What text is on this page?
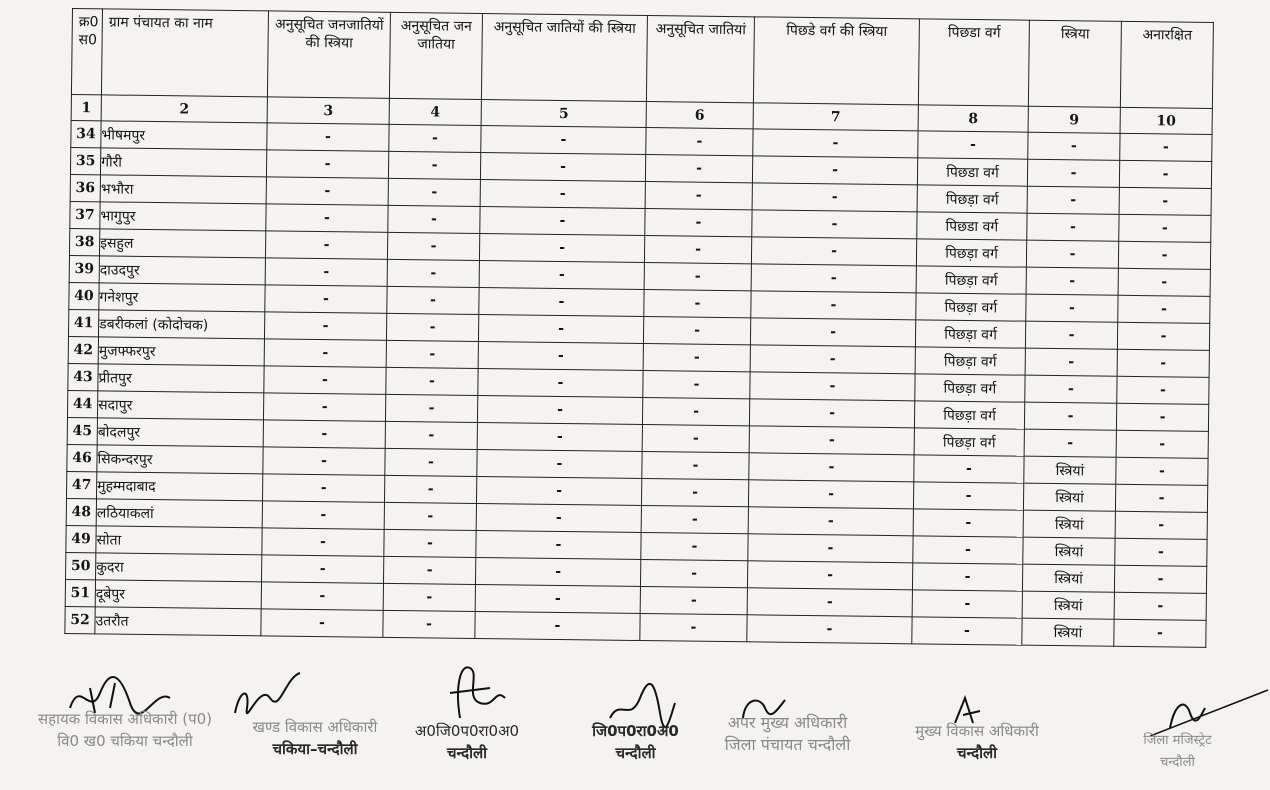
क्र0 स0	ग्राम पंचायत का नाम	अनुसूचित जनजातियों की स्त्रिया	अनुसूचित जन जातिया	अनुसूचित जातियों की स्त्रिया	अनुसूचित जातियां	पिछडे वर्ग की स्त्रिया	पिछडा वर्ग	स्त्रिया	अनारक्षित
1	2	3	4	5	6	7	8	9	10
34	भीषमपुर	-	-	-	-	-	-	-	-
35	गौरी	-	-	-	-	-	पिछडा वर्ग	-	-
36	भभौरा	-	-	-	-	-	पिछड़ा वर्ग	-	-
37	भागुपुर	-	-	-	-	-	पिछडा वर्ग	-	-
38	इसहुल	-	-	-	-	-	पिछड़ा वर्ग	-	-
39	दाउदपुर	-	-	-	-	-	पिछड़ा वर्ग	-	-
40	गनेशपुर	-	-	-	-	-	पिछड़ा वर्ग	-	-
41	डबरीकलां (कोदोचक)	-	-	-	-	-	पिछड़ा वर्ग	-	-
42	मुजफ्फरपुर	-	-	-	-	-	पिछड़ा वर्ग	-	-
43	प्रीतपुर	-	-	-	-	-	पिछड़ा वर्ग	-	-
44	सदापुर	-	-	-	-	-	पिछड़ा वर्ग	-	-
45	बोदलपुर	-	-	-	-	-	पिछड़ा वर्ग	-	-
46	सिकन्दरपुर	-	-	-	-	-	-	स्त्रियां	-
47	मुहम्मदाबाद	-	-	-	-	-	-	स्त्रियां	-
48	लठियाकलां	-	-	-	-	-	-	स्त्रियां	-
49	सोता	-	-	-	-	-	-	स्त्रियां	-
50	कुदरा	-	-	-	-	-	-	स्त्रियां	-
51	दूबेपुर	-	-	-	-	-	-	स्त्रियां	-
52	उतरौत	-	-	-	-	-	-	स्त्रियां	-
सहायक विकास अधिकारी (प0)
वि0 ख0 चकिया चन्दौली
खण्ड विकास अधिकारी
चकिया–चन्दौली
अ0जि0प0रा0अ0
चन्दौली
जि0प0रा0अ0
चन्दौली
अपर मुख्य अधिकारी
जिला पंचायत चन्दौली
मुख्य विकास अधिकारी
चन्दौली
जिला मजिस्ट्रेट
चन्दौली
